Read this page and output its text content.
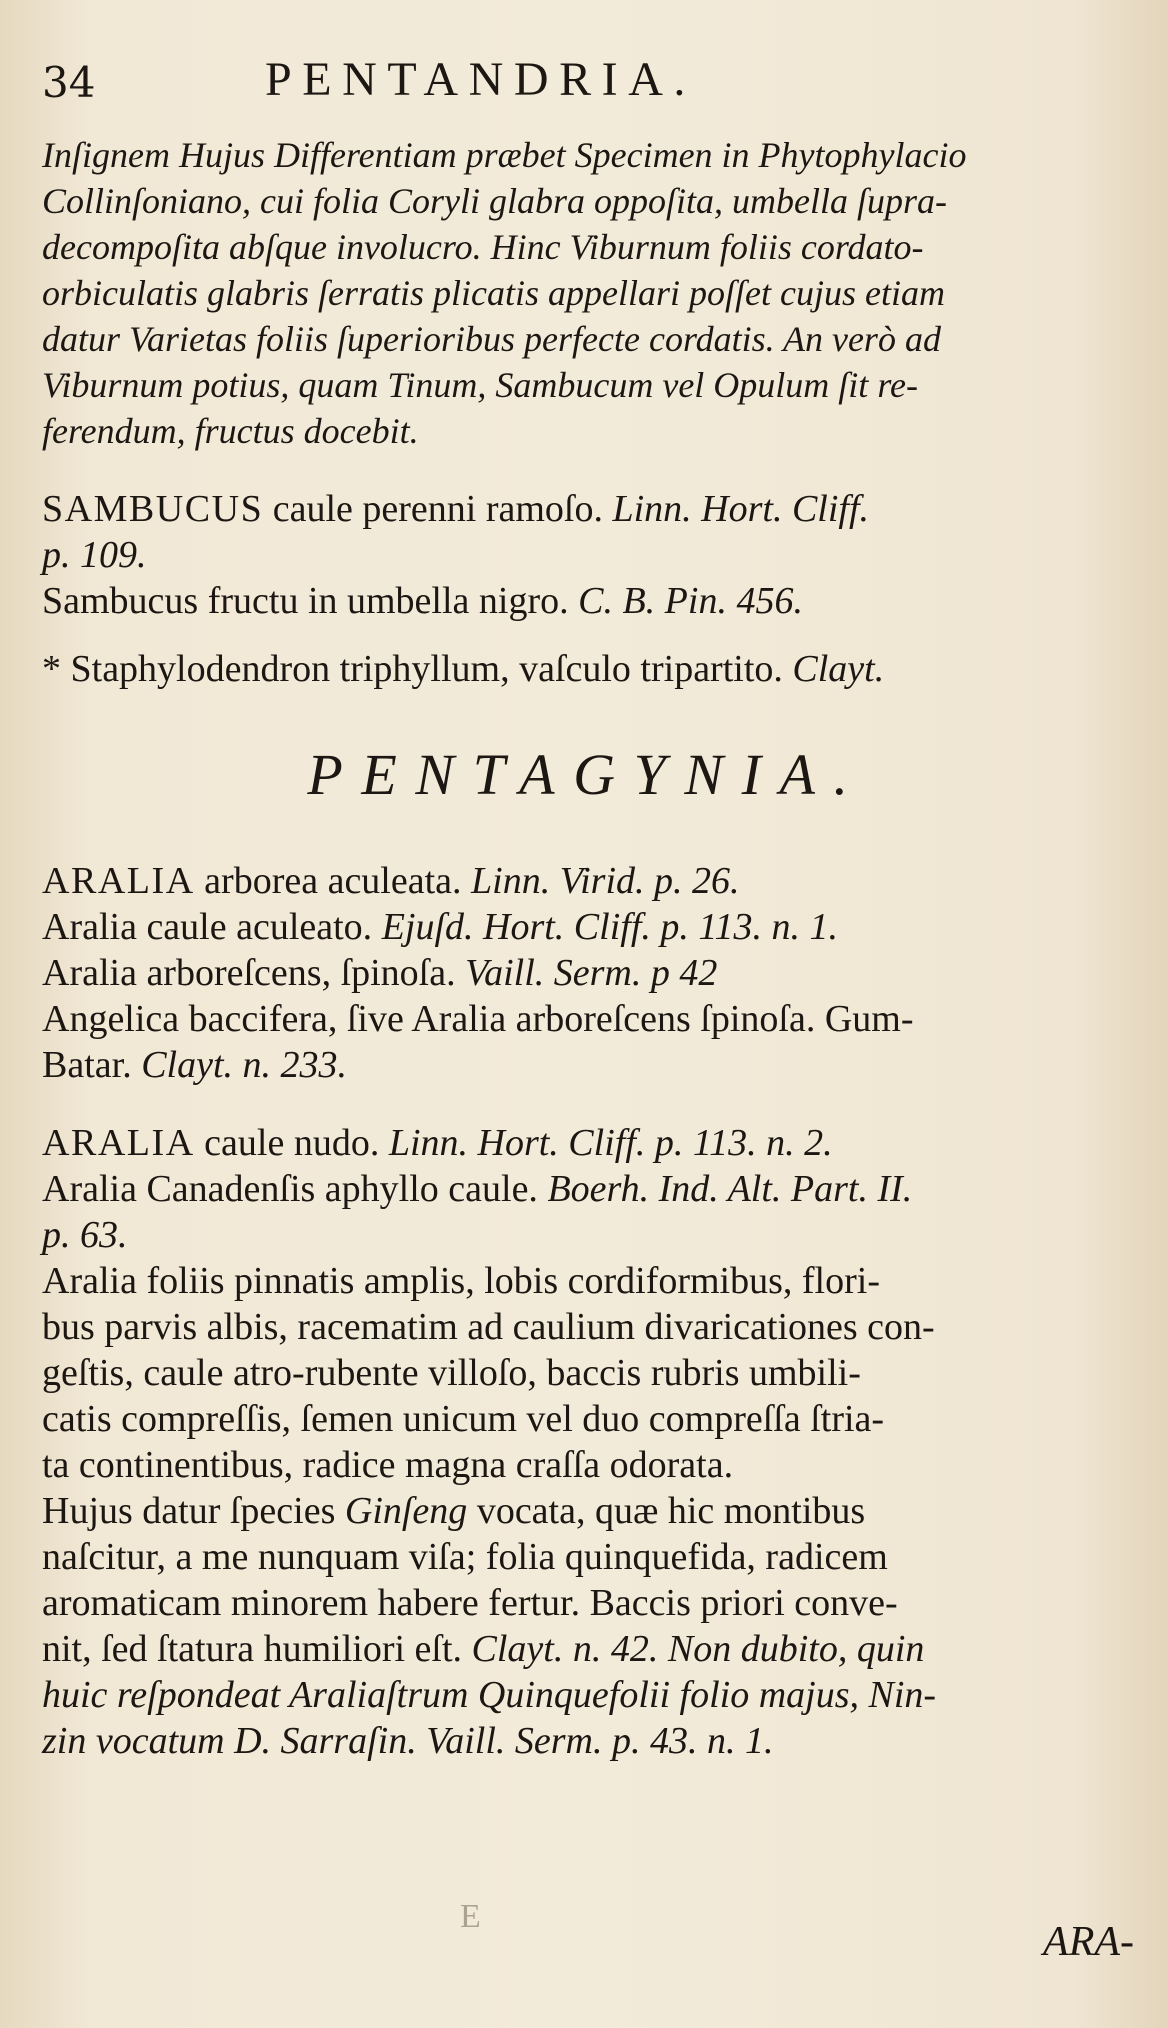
34	PENTANDRIA.

Inſignem Hujus Differentiam præbet Specimen in Phytophylacio

Collinſoniano, cui folia Coryli glabra oppoſita, umbella ſupra-

decompoſita abſque involucro. Hinc Viburnum foliis cordato-

orbiculatis glabris ſerratis plicatis appellari poſſet cujus etiam

datur Varietas foliis ſuperioribus perfecte cordatis. An verò ad

Viburnum potius, quam Tinum, Sambucum vel Opulum ſit re-

ferendum, fructus docebit.

SAMBUCUS caule perenni ramoſo. Linn. Hort. Cliff.

p. 109.

Sambucus fructu in umbella nigro. C. B. Pin. 456.

* Staphylodendron triphyllum, vaſculo tripartito. Clayt.

PENTAGYNIA.

ARALIA arborea aculeata. Linn. Virid. p. 26.

Aralia caule aculeato. Ejuſd. Hort. Cliff. p. 113. n. 1.

Aralia arboreſcens, ſpinoſa. Vaill. Serm. p 42

Angelica baccifera, ſive Aralia arboreſcens ſpinoſa. Gum-

Batar. Clayt. n. 233.

ARALIA caule nudo. Linn. Hort. Cliff. p. 113. n. 2.

Aralia Canadenſis aphyllo caule. Boerh. Ind. Alt. Part. II.

p. 63.

Aralia foliis pinnatis amplis, lobis cordiformibus, flori-

bus parvis albis, racematim ad caulium divaricationes con-

geſtis, caule atro-rubente villoſo, baccis rubris umbili-

catis compreſſis, ſemen unicum vel duo compreſſa ſtria-

ta continentibus, radice magna craſſa odorata.

Hujus datur ſpecies Ginſeng vocata, quæ hic montibus

naſcitur, a me nunquam viſa; folia quinquefida, radicem

aromaticam minorem habere fertur. Baccis priori conve-

nit, ſed ſtatura humiliori eſt. Clayt. n. 42. Non dubito, quin

huic reſpondeat Araliaſtrum Quinquefolii folio majus, Nin-

zin vocatum D. Sarraſin. Vaill. Serm. p. 43. n. 1.

E
ARA-
